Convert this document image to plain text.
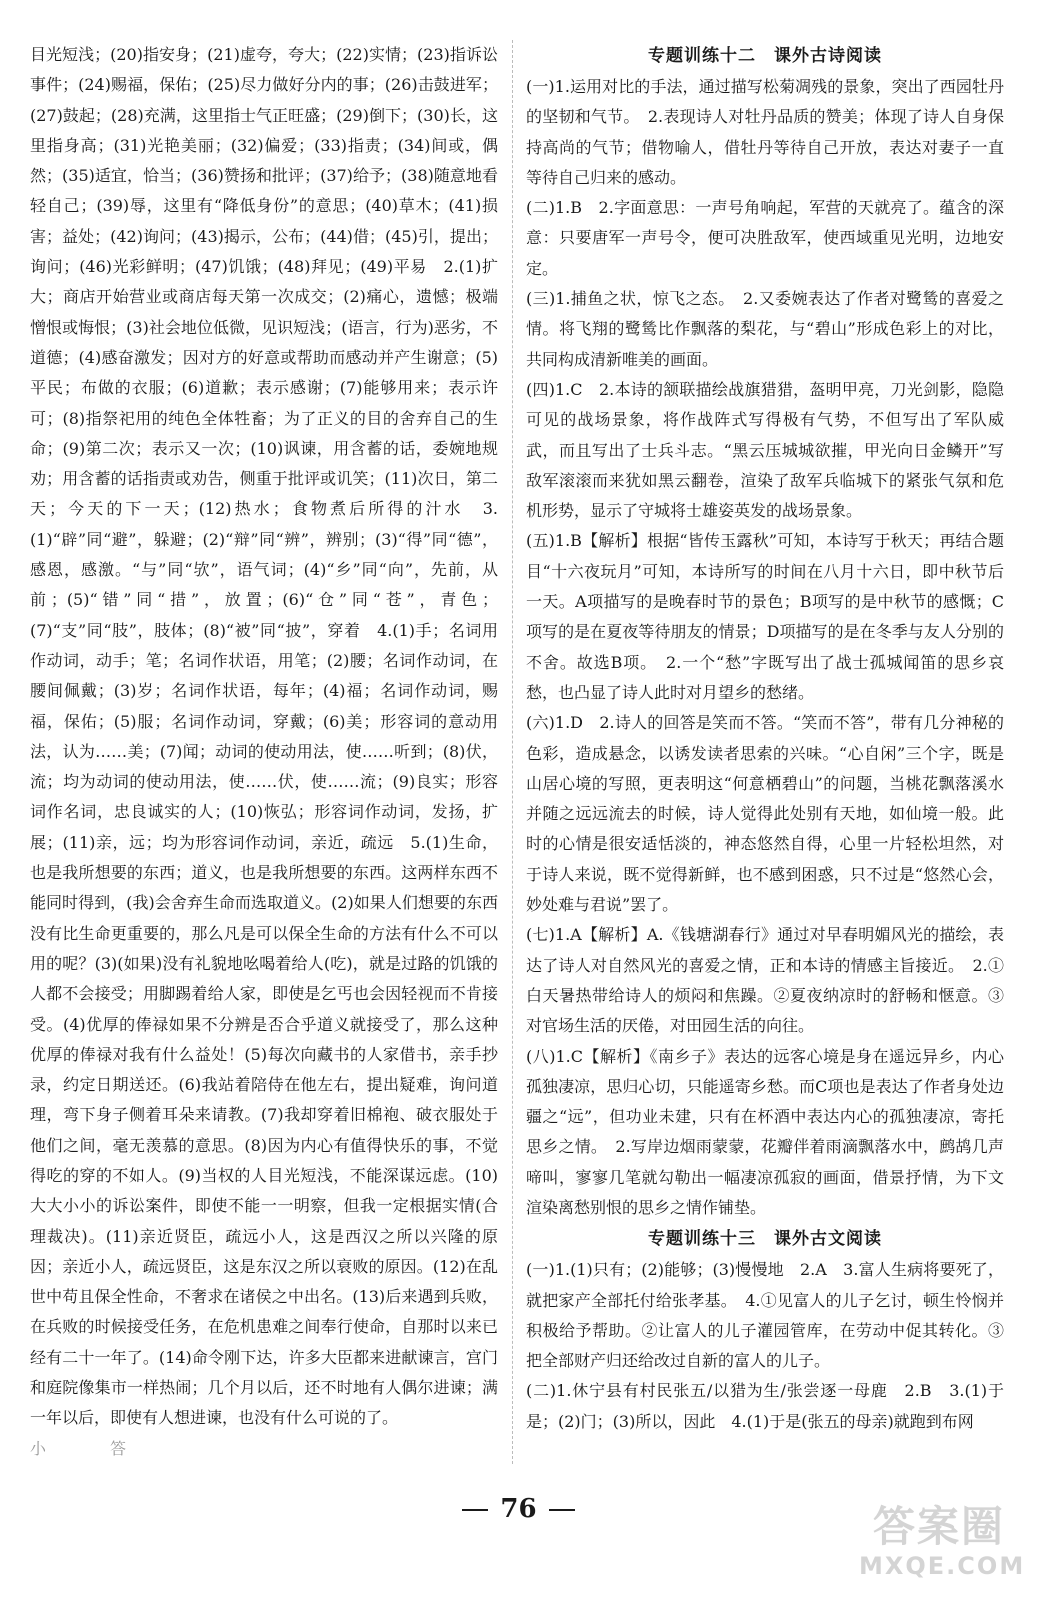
目光短浅；(20)指安身；(21)虚夸，夸大；(22)实情；(23)指诉讼事件；(24)赐福，保佑；(25)尽力做好分内的事；(26)击鼓进军；(27)鼓起；(28)充满，这里指士气正旺盛；(29)倒下；(30)长，这里指身高；(31)光艳美丽；(32)偏爱；(33)指责；(34)间或，偶然；(35)适宜，恰当；(36)赞扬和批评；(37)给予；(38)随意地看轻自己；(39)辱，这里有“降低身份”的意思；(40)草木；(41)损害；益处；(42)询问；(43)揭示，公布；(44)借；(45)引，提出；询问；(46)光彩鲜明；(47)饥饿；(48)拜见；(49)平易　2.(1)扩大；商店开始营业或商店每天第一次成交；(2)痛心，遗憾；极端憎恨或悔恨；(3)社会地位低微，见识短浅；(语言，行为)恶劣，不道德；(4)感奋激发；因对方的好意或帮助而感动并产生谢意；(5)平民；布做的衣服；(6)道歉；表示感谢；(7)能够用来；表示许可；(8)指祭祀用的纯色全体牲畜；为了正义的目的舍弃自己的生命；(9)第二次；表示又一次；(10)讽谏，用含蓄的话，委婉地规劝；用含蓄的话指责或劝告，侧重于批评或讥笑；(11)次日，第二天；今天的下一天；(12)热水；食物煮后所得的汁水　3.(1)“辟”同“避”，躲避；(2)“辩”同“辨”，辨别；(3)“得”同“德”，感恩，感激。“与”同“欤”，语气词；(4)“乡”同“向”，先前，从前；(5)“错”同“措”，放置；(6)“仓”同“苍”，青色；(7)“支”同“肢”，肢体；(8)“被”同“披”，穿着　4.(1)手；名词用作动词，动手；笔；名词作状语，用笔；(2)腰；名词作动词，在腰间佩戴；(3)岁；名词作状语，每年；(4)福；名词作动词，赐福，保佑；(5)服；名词作动词，穿戴；(6)美；形容词的意动用法，认为……美；(7)闻；动词的使动用法，使……听到；(8)伏，流；均为动词的使动用法，使……伏，使……流；(9)良实；形容词作名词，忠良诚实的人；(10)恢弘；形容词作动词，发扬，扩展；(11)亲，远；均为形容词作动词，亲近，疏远　5.(1)生命，也是我所想要的东西；道义，也是我所想要的东西。这两样东西不能同时得到，(我)会舍弃生命而选取道义。(2)如果人们想要的东西没有比生命更重要的，那么凡是可以保全生命的方法有什么不可以用的呢？(3)(如果)没有礼貌地吆喝着给人(吃)，就是过路的饥饿的人都不会接受；用脚踢着给人家，即使是乞丐也会因轻视而不肯接受。(4)优厚的俸禄如果不分辨是否合乎道义就接受了，那么这种优厚的俸禄对我有什么益处！(5)每次向藏书的人家借书，亲手抄录，约定日期送还。(6)我站着陪侍在他左右，提出疑难，询问道理，弯下身子侧着耳朵来请教。(7)我却穿着旧棉袍、破衣服处于他们之间，毫无羡慕的意思。(8)因为内心有值得快乐的事，不觉得吃的穿的不如人。(9)当权的人目光短浅，不能深谋远虑。(10)大大小小的诉讼案件，即使不能一一明察，但我一定根据实情(合理裁决)。(11)亲近贤臣，疏远小人，这是西汉之所以兴隆的原因；亲近小人，疏远贤臣，这是东汉之所以衰败的原因。(12)在乱世中苟且保全性命，不奢求在诸侯之中出名。(13)后来遇到兵败，在兵败的时候接受任务，在危机患难之间奉行使命，自那时以来已经有二十一年了。(14)命令刚下达，许多大臣都来进献谏言，宫门和庭院像集市一样热闹；几个月以后，还不时地有人偶尔进谏；满一年以后，即使有人想进谏，也没有什么可说的了。

小　　　　答

专题训练十二　课外古诗阅读

(一)1.运用对比的手法，通过描写松菊凋残的景象，突出了西园牡丹的坚韧和气节。　2.表现诗人对牡丹品质的赞美；体现了诗人自身保持高尚的气节；借物喻人，借牡丹等待自己开放，表达对妻子一直等待自己归来的感动。

(二)1.B　2.字面意思：一声号角响起，军营的天就亮了。蕴含的深意：只要唐军一声号令，便可决胜敌军，使西域重见光明，边地安定。

(三)1.捕鱼之状，惊飞之态。　2.又委婉表达了作者对鹭鸶的喜爱之情。将飞翔的鹭鸶比作飘落的梨花，与“碧山”形成色彩上的对比，共同构成清新唯美的画面。

(四)1.C　2.本诗的颔联描绘战旗猎猎，盔明甲亮，刀光剑影，隐隐可见的战场景象，将作战阵式写得极有气势，不但写出了军队威武，而且写出了士兵斗志。“黑云压城城欲摧，甲光向日金鳞开”写敌军滚滚而来犹如黑云翻卷，渲染了敌军兵临城下的紧张气氛和危机形势，显示了守城将士雄姿英发的战场景象。

(五)1.B【解析】根据“皆传玉露秋”可知，本诗写于秋天；再结合题目“十六夜玩月”可知，本诗所写的时间在八月十六日，即中秋节后一天。A项描写的是晚春时节的景色；B项写的是中秋节的感慨；C项写的是在夏夜等待朋友的情景；D项描写的是在冬季与友人分别的不舍。故选B项。　2.一个“愁”字既写出了战士孤城闻笛的思乡哀愁，也凸显了诗人此时对月望乡的愁绪。

(六)1.D　2.诗人的回答是笑而不答。“笑而不答”，带有几分神秘的色彩，造成悬念，以诱发读者思索的兴味。“心自闲”三个字，既是山居心境的写照，更表明这“何意栖碧山”的问题，当桃花飘落溪水并随之远远流去的时候，诗人觉得此处别有天地，如仙境一般。此时的心情是很安适恬淡的，神态悠然自得，心里一片轻松坦然，对于诗人来说，既不觉得新鲜，也不感到困惑，只不过是“悠然心会，妙处难与君说”罢了。

(七)1.A【解析】A.《钱塘湖春行》通过对早春明媚风光的描绘，表达了诗人对自然风光的喜爱之情，正和本诗的情感主旨接近。　2.①白天暑热带给诗人的烦闷和焦躁。②夏夜纳凉时的舒畅和惬意。③对官场生活的厌倦，对田园生活的向往。

(八)1.C【解析】《南乡子》表达的远客心境是身在遥远异乡，内心孤独凄凉，思归心切，只能遥寄乡愁。而C项也是表达了作者身处边疆之“远”，但功业未建，只有在杯酒中表达内心的孤独凄凉，寄托思乡之情。　2.写岸边烟雨蒙蒙，花瓣伴着雨滴飘落水中，鹧鸪几声啼叫，寥寥几笔就勾勒出一幅凄凉孤寂的画面，借景抒情，为下文渲染离愁别恨的思乡之情作铺垫。

专题训练十三　课外古文阅读

(一)1.(1)只有；(2)能够；(3)慢慢地　2.A　3.富人生病将要死了，就把家产全部托付给张孝基。　4.①见富人的儿子乞讨，顿生怜悯并积极给予帮助。②让富人的儿子灌园管库，在劳动中促其转化。③把全部财产归还给改过自新的富人的儿子。

(二)1.休宁县有村民张五/以猎为生/张尝逐一母鹿　2.B　3.(1)于是；(2)门；(3)所以，因此　4.(1)于是(张五的母亲)就跑到布网

76	答案圈
MXQE.COM
